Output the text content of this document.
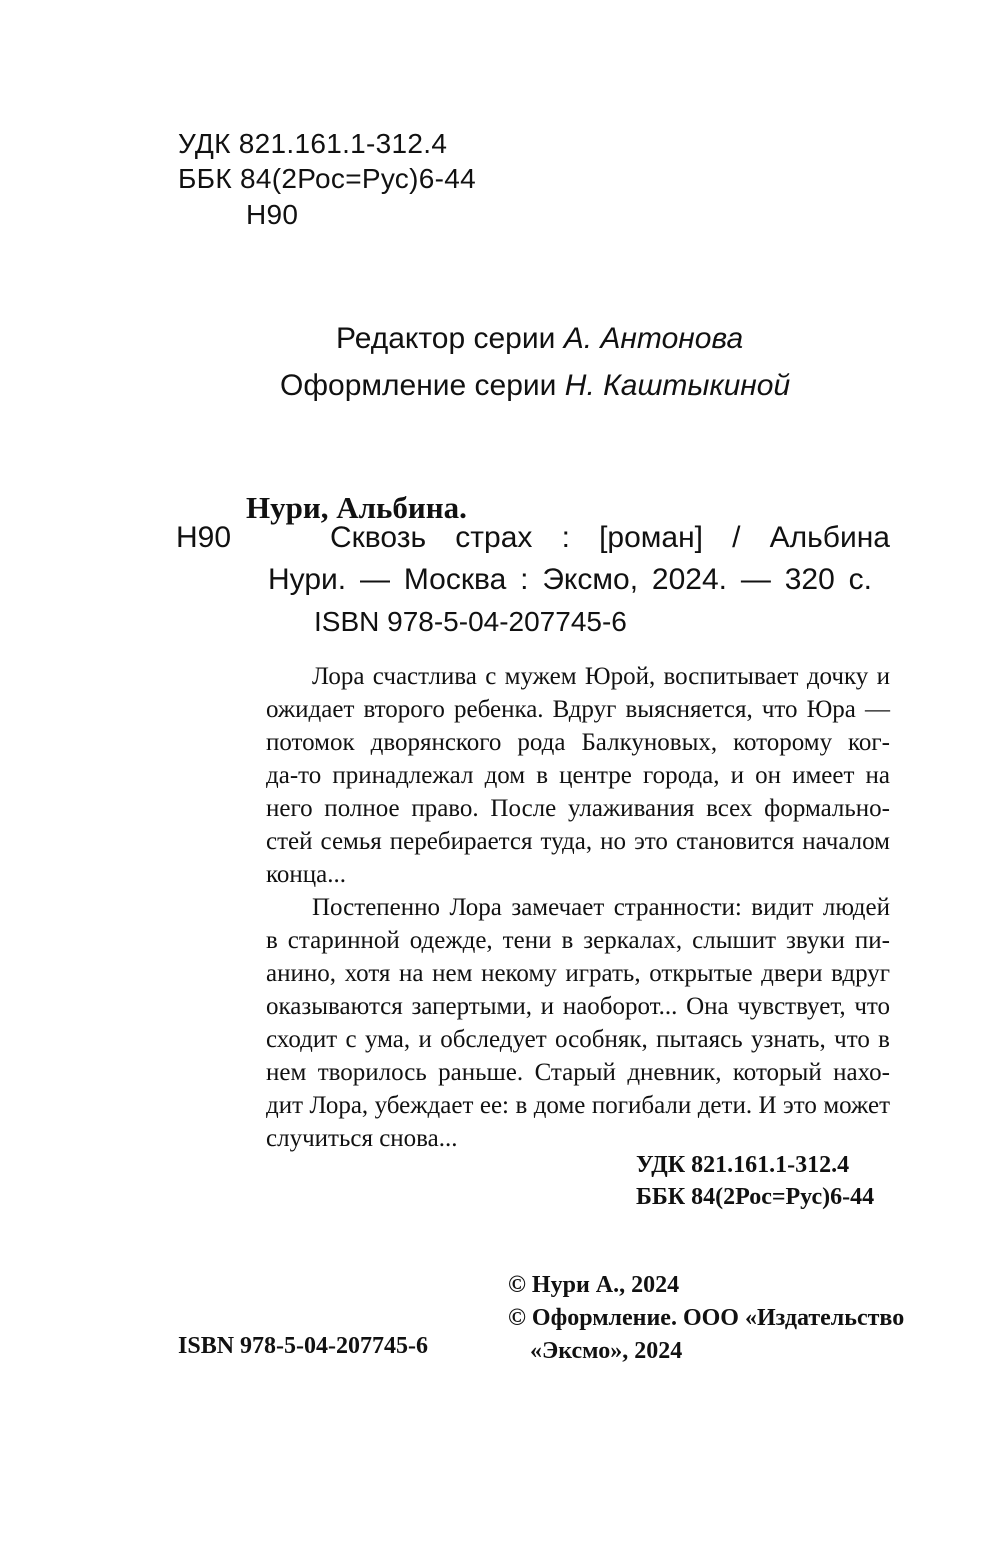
УДК 821.161.1-312.4
ББК 84(2Рос=Рус)6-44
Н90
Редактор серии А. Антонова
Оформление серии Н. Каштыкиной
Нури, Альбина.
Н90	Сквозь страх : [роман] / Альбина
Нури. — Москва : Эксмо, 2024. — 320 с.
ISBN 978-5-04-207745-6
Лора счастлива с мужем Юрой, воспитывает дочку и
ожидает второго ребенка. Вдруг выясняется, что Юра —
потомок дворянского рода Балкуновых, которому ког-
да-то принадлежал дом в центре города, и он имеет на
него полное право. После улаживания всех формально-
стей семья перебирается туда, но это становится началом
конца...
Постепенно Лора замечает странности: видит людей
в старинной одежде, тени в зеркалах, слышит звуки пи-
анино, хотя на нем некому играть, открытые двери вдруг
оказываются запертыми, и наоборот... Она чувствует, что
сходит с ума, и обследует особняк, пытаясь узнать, что в
нем творилось раньше. Старый дневник, который нахо-
дит Лора, убеждает ее: в доме погибали дети. И это может
случиться снова...
УДК 821.161.1-312.4
ББК 84(2Рос=Рус)6-44
© Нури А., 2024
© Оформление. ООО «Издательство
«Эксмо», 2024
ISBN 978-5-04-207745-6
